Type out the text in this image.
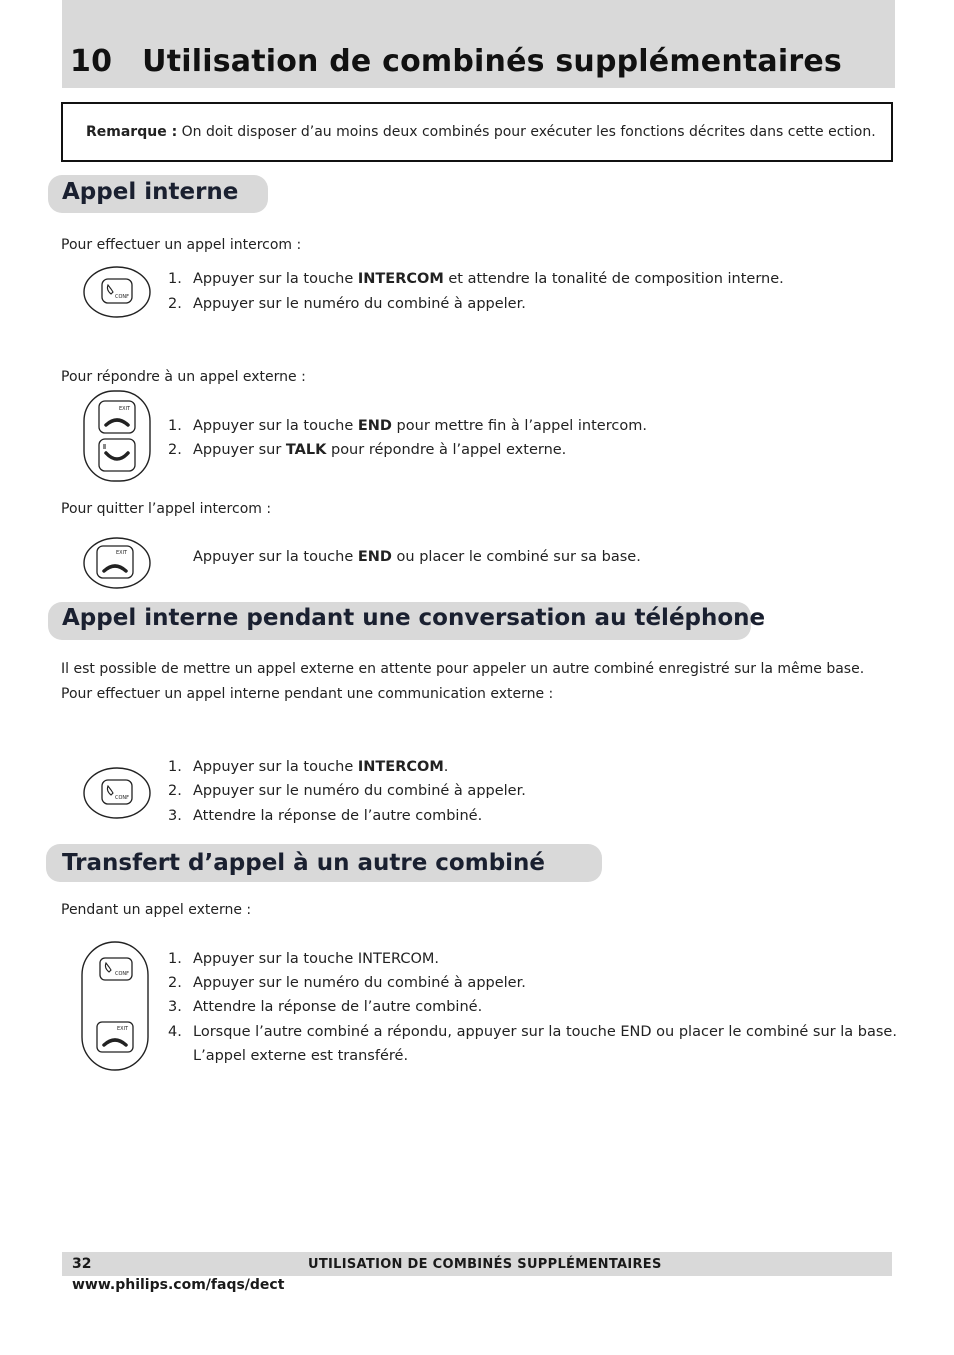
10 Utilisation de combinés supplémentaires
Remarque : On doit disposer d’au moins deux combinés pour exécuter les fonctions décrites dans cette ection.
Appel interne
Pour effectuer un appel intercom :
CONF
1. Appuyer sur la touche INTERCOM et attendre la tonalité de composition interne.
2. Appuyer sur le numéro du combiné à appeler.
Pour répondre à un appel externe :
EXIT
1. Appuyer sur la touche END pour mettre fin à l’appel intercom.
2. Appuyer sur TALK pour répondre à l’appel externe.
Pour quitter l’appel intercom :
EXIT	Appuyer sur la touche END ou placer le combiné sur sa base.
Appel interne pendant une conversation au téléphone
Il est possible de mettre un appel externe en attente pour appeler un autre combiné enregistré sur la même base.
Pour effectuer un appel interne pendant une communication externe :
CONF
1. Appuyer sur la touche INTERCOM.
2. Appuyer sur le numéro du combiné à appeler.
3. Attendre la réponse de l’autre combiné.
Transfert d’appel à un autre combiné
Pendant un appel externe :
CONF
EXIT
1. Appuyer sur la touche INTERCOM.
2. Appuyer sur le numéro du combiné à appeler.
3. Attendre la réponse de l’autre combiné.
4. Lorsque l’autre combiné a répondu, appuyer sur la touche END ou placer le combiné sur la base.
L’appel externe est transféré.
32	UTILISATION DE COMBINÉS SUPPLÉMENTAIRES
www.philips.com/faqs/dect
